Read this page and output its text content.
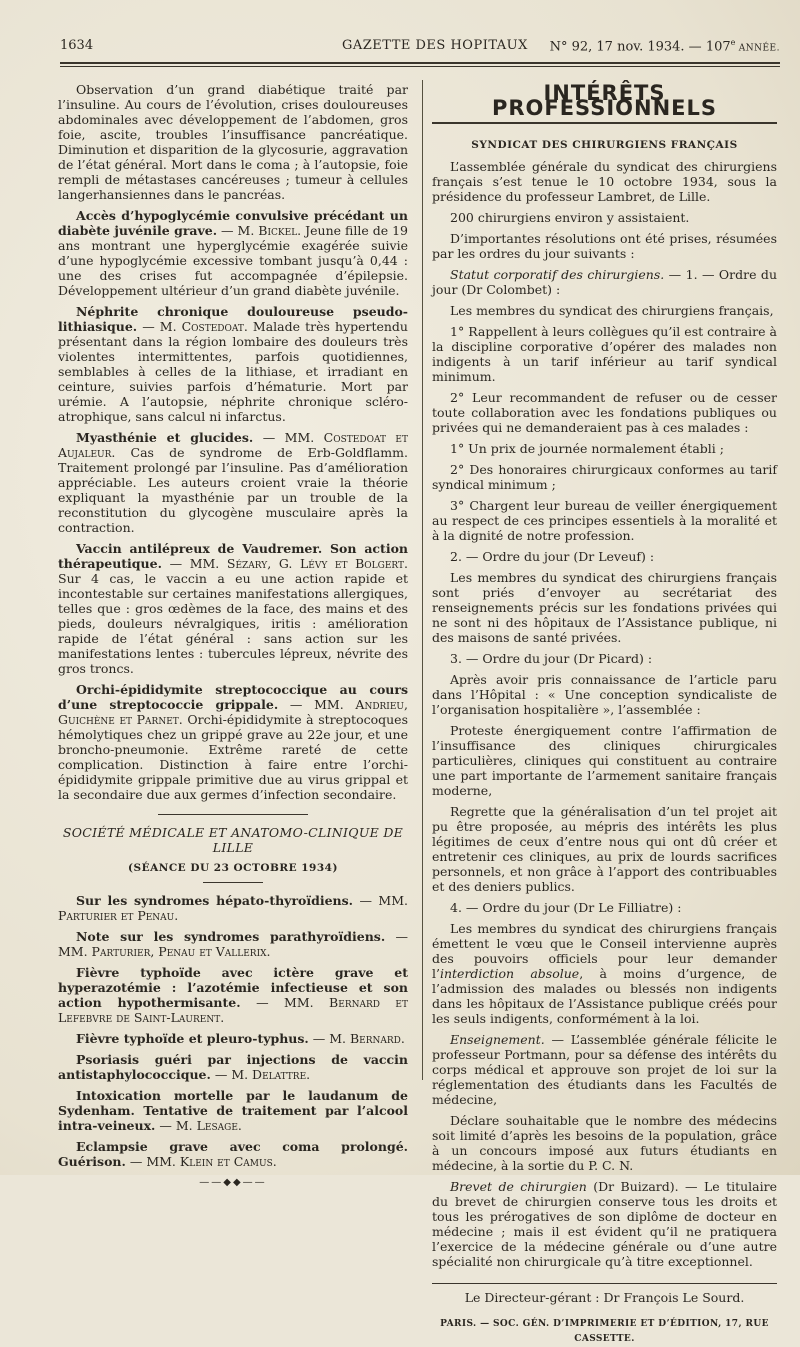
1634	GAZETTE DES HOPITAUX N° 92, 17 nov. 1934. — 107e ANNÉE.

Observation d’un grand diabétique traité par l’insuline. Au cours de l’évolution, crises douloureuses abdominales avec développement de l’abdomen, gros foie, ascite, troubles l’insuffisance pancréatique. Diminution et disparition de la glycosurie, aggravation de l’état général. Mort dans le coma ; à l’autopsie, foie rempli de métastases cancéreuses ; tumeur à cellules langerhansiennes dans le pancréas.

Accès d’hypoglycémie convulsive précédant un diabète juvénile grave. — M. Bickel. Jeune fille de 19 ans montrant une hyperglycémie exagérée suivie d’une hypoglycémie excessive tombant jusqu’à 0,44 : une des crises fut accompagnée d’épilepsie. Développement ultérieur d’un grand diabète juvénile.

Néphrite chronique douloureuse pseudo-lithiasique. — M. Costedoat. Malade très hypertendu présentant dans la région lombaire des douleurs très violentes intermittentes, parfois quotidiennes, semblables à celles de la lithiase, et irradiant en ceinture, suivies parfois d’hématurie. Mort par urémie. A l’autopsie, néphrite chronique scléro-atrophique, sans calcul ni infarctus.

Myasthénie et glucides. — MM. Costedoat et Aujaleur. Cas de syndrome de Erb-Goldflamm. Traitement prolongé par l’insuline. Pas d’amélioration appréciable. Les auteurs croient vraie la théorie expliquant la myasthénie par un trouble de la reconstitution du glycogène musculaire après la contraction.

Vaccin antilépreux de Vaudremer. Son action thérapeutique. — MM. Sézary, G. Lévy et Bolgert. Sur 4 cas, le vaccin a eu une action rapide et incontestable sur certaines manifestations allergiques, telles que : gros œdèmes de la face, des mains et des pieds, douleurs névralgiques, iritis : amélioration rapide de l’état général : sans action sur les manifestations lentes : tubercules lépreux, névrite des gros troncs.

Orchi-épididymite streptococcique au cours d’une streptococcie grippale. — MM. Andrieu, Guichène et Parnet. Orchi-épididymite à streptocoques hémolytiques chez un grippé grave au 22e jour, et une broncho-pneumonie. Extrême rareté de cette complication. Distinction à faire entre l’orchi-épididymite grippale primitive due au virus grippal et la secondaire due aux germes d’infection secondaire.

SOCIÉTÉ MÉDICALE ET ANATOMO-CLINIQUE DE LILLE

(SÉANCE DU 23 OCTOBRE 1934)

Sur les syndromes hépato-thyroïdiens. — MM. Parturier et Penau.

Note sur les syndromes parathyroïdiens. — MM. Parturier, Penau et Vallerix.

Fièvre typhoïde avec ictère grave et hyperazotémie : l’azotémie infectieuse et son action hypothermisante. — MM. Bernard et Lefebvre de Saint-Laurent.

Fièvre typhoïde et pleuro-typhus. — M. Bernard.

Psoriasis guéri par injections de vaccin antistaphylococcique. — M. Delattre.

Intoxication mortelle par le laudanum de Sydenham. Tentative de traitement par l’alcool intra-veineux. — M. Lesage.

Eclampsie grave avec coma prolongé. Guérison. — MM. Klein et Camus.

——◆◆——
INTÉRÊTS PROFESSIONNELS

SYNDICAT DES CHIRURGIENS FRANÇAIS

L’assemblée générale du syndicat des chirurgiens français s’est tenue le 10 octobre 1934, sous la présidence du professeur Lambret, de Lille.

200 chirurgiens environ y assistaient.

D’importantes résolutions ont été prises, résumées par les ordres du jour suivants :

Statut corporatif des chirurgiens. — 1. — Ordre du jour (Dr Colombet) :

Les membres du syndicat des chirurgiens français,

1° Rappellent à leurs collègues qu’il est contraire à la discipline corporative d’opérer des malades non indigents à un tarif inférieur au tarif syndical minimum.

2° Leur recommandent de refuser ou de cesser toute collaboration avec les fondations publiques ou privées qui ne demanderaient pas à ces malades :

1° Un prix de journée normalement établi ;

2° Des honoraires chirurgicaux conformes au tarif syndical minimum ;

3° Chargent leur bureau de veiller énergiquement au respect de ces principes essentiels à la moralité et à la dignité de notre profession.

2. — Ordre du jour (Dr Leveuf) :

Les membres du syndicat des chirurgiens français sont priés d’envoyer au secrétariat des renseignements précis sur les fondations privées qui ne sont ni des hôpitaux de l’Assistance publique, ni des maisons de santé privées.

3. — Ordre du jour (Dr Picard) :

Après avoir pris connaissance de l’article paru dans l’Hôpital : « Une conception syndicaliste de l’organisation hospitalière », l’assemblée :

Proteste énergiquement contre l’affirmation de l’insuffisance des cliniques chirurgicales particulières, cliniques qui constituent au contraire une part importante de l’armement sanitaire français moderne,

Regrette que la généralisation d’un tel projet ait pu être proposée, au mépris des intérêts les plus légitimes de ceux d’entre nous qui ont dû créer et entretenir ces cliniques, au prix de lourds sacrifices personnels, et non grâce à l’apport des contribuables et des deniers publics.

4. — Ordre du jour (Dr Le Filliatre) :

Les membres du syndicat des chirurgiens français émettent le vœu que le Conseil intervienne auprès des pouvoirs officiels pour leur demander l’interdiction absolue, à moins d’urgence, de l’admission des malades ou blessés non indigents dans les hôpitaux de l’Assistance publique créés pour les seuls indigents, conformément à la loi.

Enseignement. — L’assemblée générale félicite le professeur Portmann, pour sa défense des intérêts du corps médical et approuve son projet de loi sur la réglementation des étudiants dans les Facultés de médecine,

Déclare souhaitable que le nombre des médecins soit limité d’après les besoins de la population, grâce à un concours imposé aux futurs étudiants en médecine, à la sortie du P. C. N.

Brevet de chirurgien (Dr Buizard). — Le titulaire du brevet de chirurgien conserve tous les droits et tous les prérogatives de son diplôme de docteur en médecine ; mais il est évident qu’il ne pratiquera l’exercice de la médecine générale ou d’une autre spécialité non chirurgicale qu’à titre exceptionnel.

Le Directeur-gérant : Dr François Le Sourd.
PARIS. — SOC. GÉN. D’IMPRIMERIE ET D’ÉDITION, 17, RUE CASSETTE.
